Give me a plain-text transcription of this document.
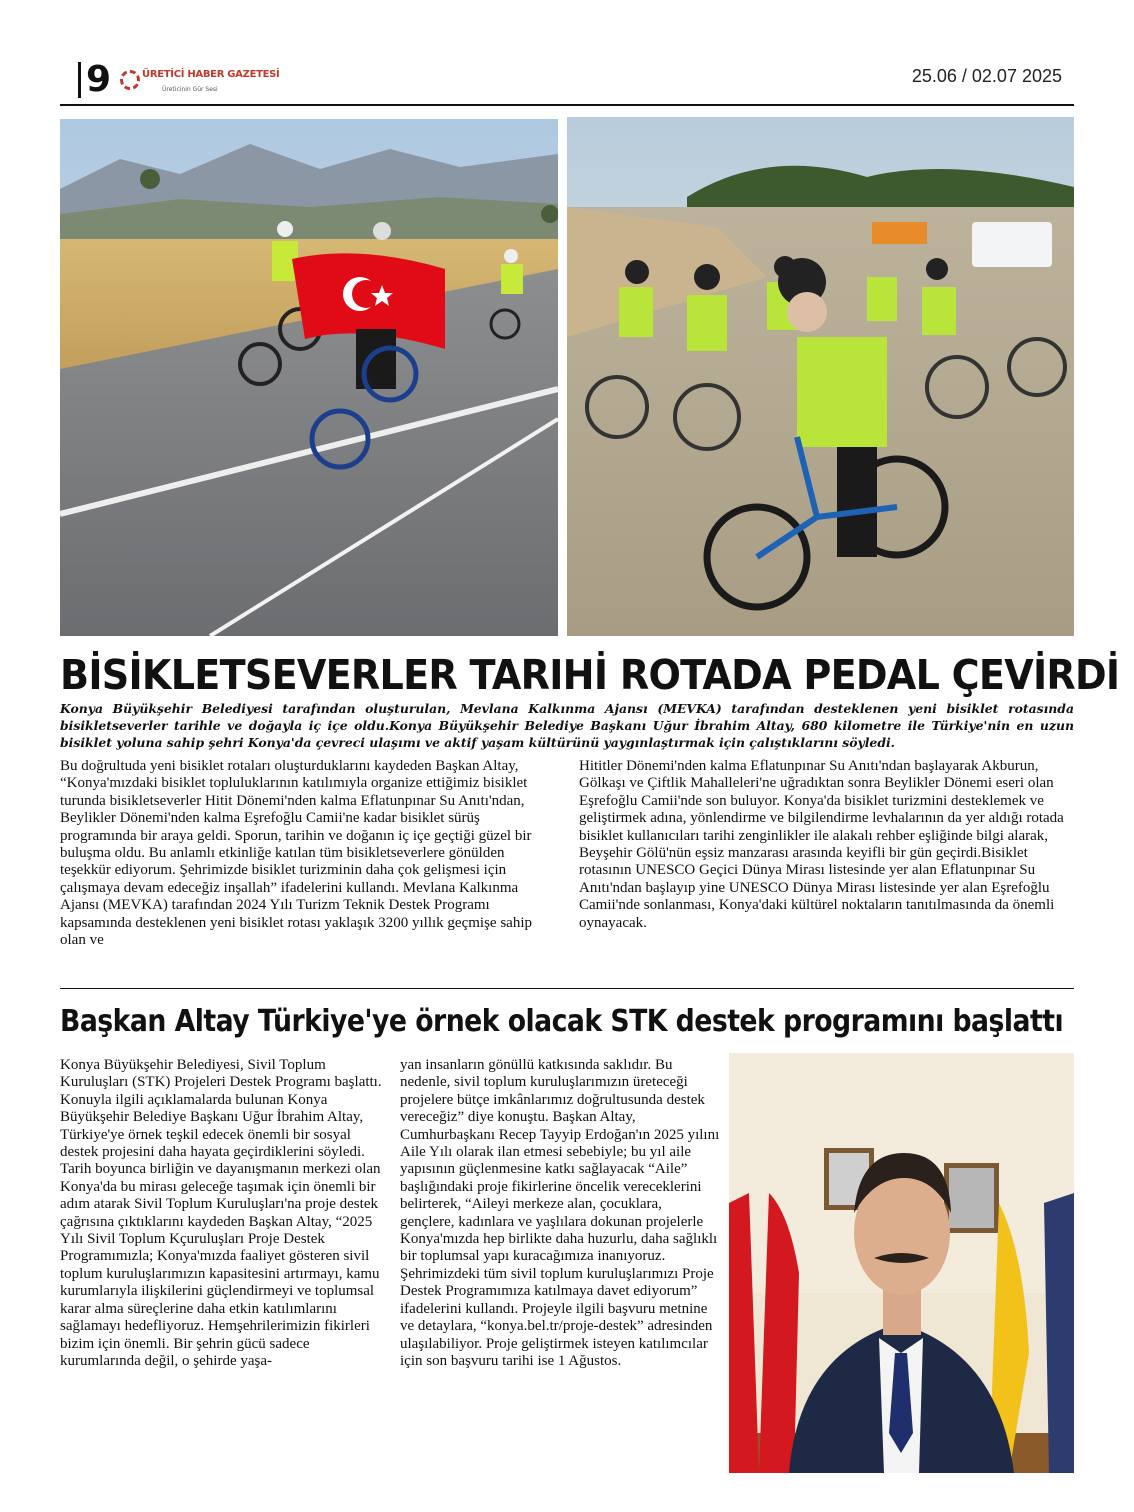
9	ÜRETİCİ HABER GAZETESİ
Üreticinin Gür Sesi
25.06 / 02.07 2025
BİSİKLETSEVERLER TARIHİ ROTADA PEDAL ÇEVİRDİ
Konya Büyükşehir Belediyesi tarafından oluşturulan, Mevlana Kalkınma Ajansı (MEVKA) tarafından desteklenen yeni bisiklet rotasında bisikletseverler tarihle ve doğayla iç içe oldu.Konya Büyükşehir Belediye Başkanı Uğur İbrahim Altay, 680 kilometre ile Türkiye'nin en uzun bisiklet yoluna sahip şehri Konya'da çevreci ulaşımı ve aktif yaşam kültürünü yaygınlaştırmak için çalıştıklarını söyledi.
Bu doğrultuda yeni bisiklet rotaları oluşturduklarını kaydeden Başkan Altay, “Konya'mızdaki bisiklet topluluklarının katılımıyla organize ettiğimiz bisiklet turunda bisikletseverler Hitit Dönemi'nden kalma Eflatunpınar Su Anıtı'ndan, Beylikler Dönemi'nden kalma Eşrefoğlu Camii'ne kadar bisiklet sürüş programında bir araya geldi. Sporun, tarihin ve doğanın iç içe geçtiği güzel bir buluşma oldu. Bu anlamlı etkinliğe katılan tüm bisikletseverlere gönülden teşekkür ediyorum. Şehrimizde bisiklet turizminin daha çok gelişmesi için çalışmaya devam edeceğiz inşallah” ifadelerini kullandı. Mevlana Kalkınma Ajansı (MEVKA) tarafından 2024 Yılı Turizm Teknik Destek Programı kapsamında desteklenen yeni bisiklet rotası yaklaşık 3200 yıllık geçmişe sahip olan ve
Hititler Dönemi'nden kalma Eflatunpınar Su Anıtı'ndan başlayarak Akburun, Gölkaşı ve Çiftlik Mahalleleri'ne uğradıktan sonra Beylikler Dönemi eseri olan Eşrefoğlu Camii'nde son buluyor. Konya'da bisiklet turizmini desteklemek ve geliştirmek adına, yönlendirme ve bilgilendirme levhalarının da yer aldığı rotada bisiklet kullanıcıları tarihi zenginlikler ile alakalı rehber eşliğinde bilgi alarak, Beyşehir Gölü'nün eşsiz manzarası arasında keyifli bir gün geçirdi.Bisiklet rotasının UNESCO Geçici Dünya Mirası listesinde yer alan Eflatunpınar Su Anıtı'ndan başlayıp yine UNESCO Dünya Mirası listesinde yer alan Eşrefoğlu Camii'nde sonlanması, Konya'daki kültürel noktaların tanıtılmasında da önemli oynayacak.
Başkan Altay Türkiye'ye örnek olacak STK destek programını başlattı
Konya Büyükşehir Belediyesi, Sivil Toplum Kuruluşları (STK) Projeleri Destek Programı başlattı. Konuyla ilgili açıklamalarda bulunan Konya Büyükşehir Belediye Başkanı Uğur İbrahim Altay, Türkiye'ye örnek teşkil edecek önemli bir sosyal destek projesini daha hayata geçirdiklerini söyledi. Tarih boyunca birliğin ve dayanışmanın merkezi olan Konya'da bu mirası geleceğe taşımak için önemli bir adım atarak Sivil Toplum Kuruluşları'na proje destek çağrısına çıktıklarını kaydeden Başkan Altay, “2025 Yılı Sivil Toplum Kçuruluşları Proje Destek Programımızla; Konya'mızda faaliyet gösteren sivil toplum kuruluşlarımızın kapasitesini artırmayı, kamu kurumlarıyla ilişkilerini güçlendirmeyi ve toplumsal karar alma süreçlerine daha etkin katılımlarını sağlamayı hedefliyoruz. Hemşehrilerimizin fikirleri bizim için önemli. Bir şehrin gücü sadece kurumlarında değil, o şehirde yaşa-
yan insanların gönüllü katkısında saklıdır. Bu nedenle, sivil toplum kuruluşlarımızın üreteceği projelere bütçe imkânlarımız doğrultusunda destek vereceğiz” diye konuştu. Başkan Altay, Cumhurbaşkanı Recep Tayyip Erdoğan'ın 2025 yılını Aile Yılı olarak ilan etmesi sebebiyle; bu yıl aile yapısının güçlenmesine katkı sağlayacak “Aile” başlığındaki proje fikirlerine öncelik vereceklerini belirterek, “Aileyi merkeze alan, çocuklara, gençlere, kadınlara ve yaşlılara dokunan projelerle Konya'mızda hep birlikte daha huzurlu, daha sağlıklı bir toplumsal yapı kuracağımıza inanıyoruz. Şehrimizdeki tüm sivil toplum kuruluşlarımızı Proje Destek Programımıza katılmaya davet ediyorum” ifadelerini kullandı. Projeyle ilgili başvuru metnine ve detaylara, “konya.bel.tr/proje-destek” adresinden ulaşılabiliyor. Proje geliştirmek isteyen katılımcılar için son başvuru tarihi ise 1 Ağustos.
